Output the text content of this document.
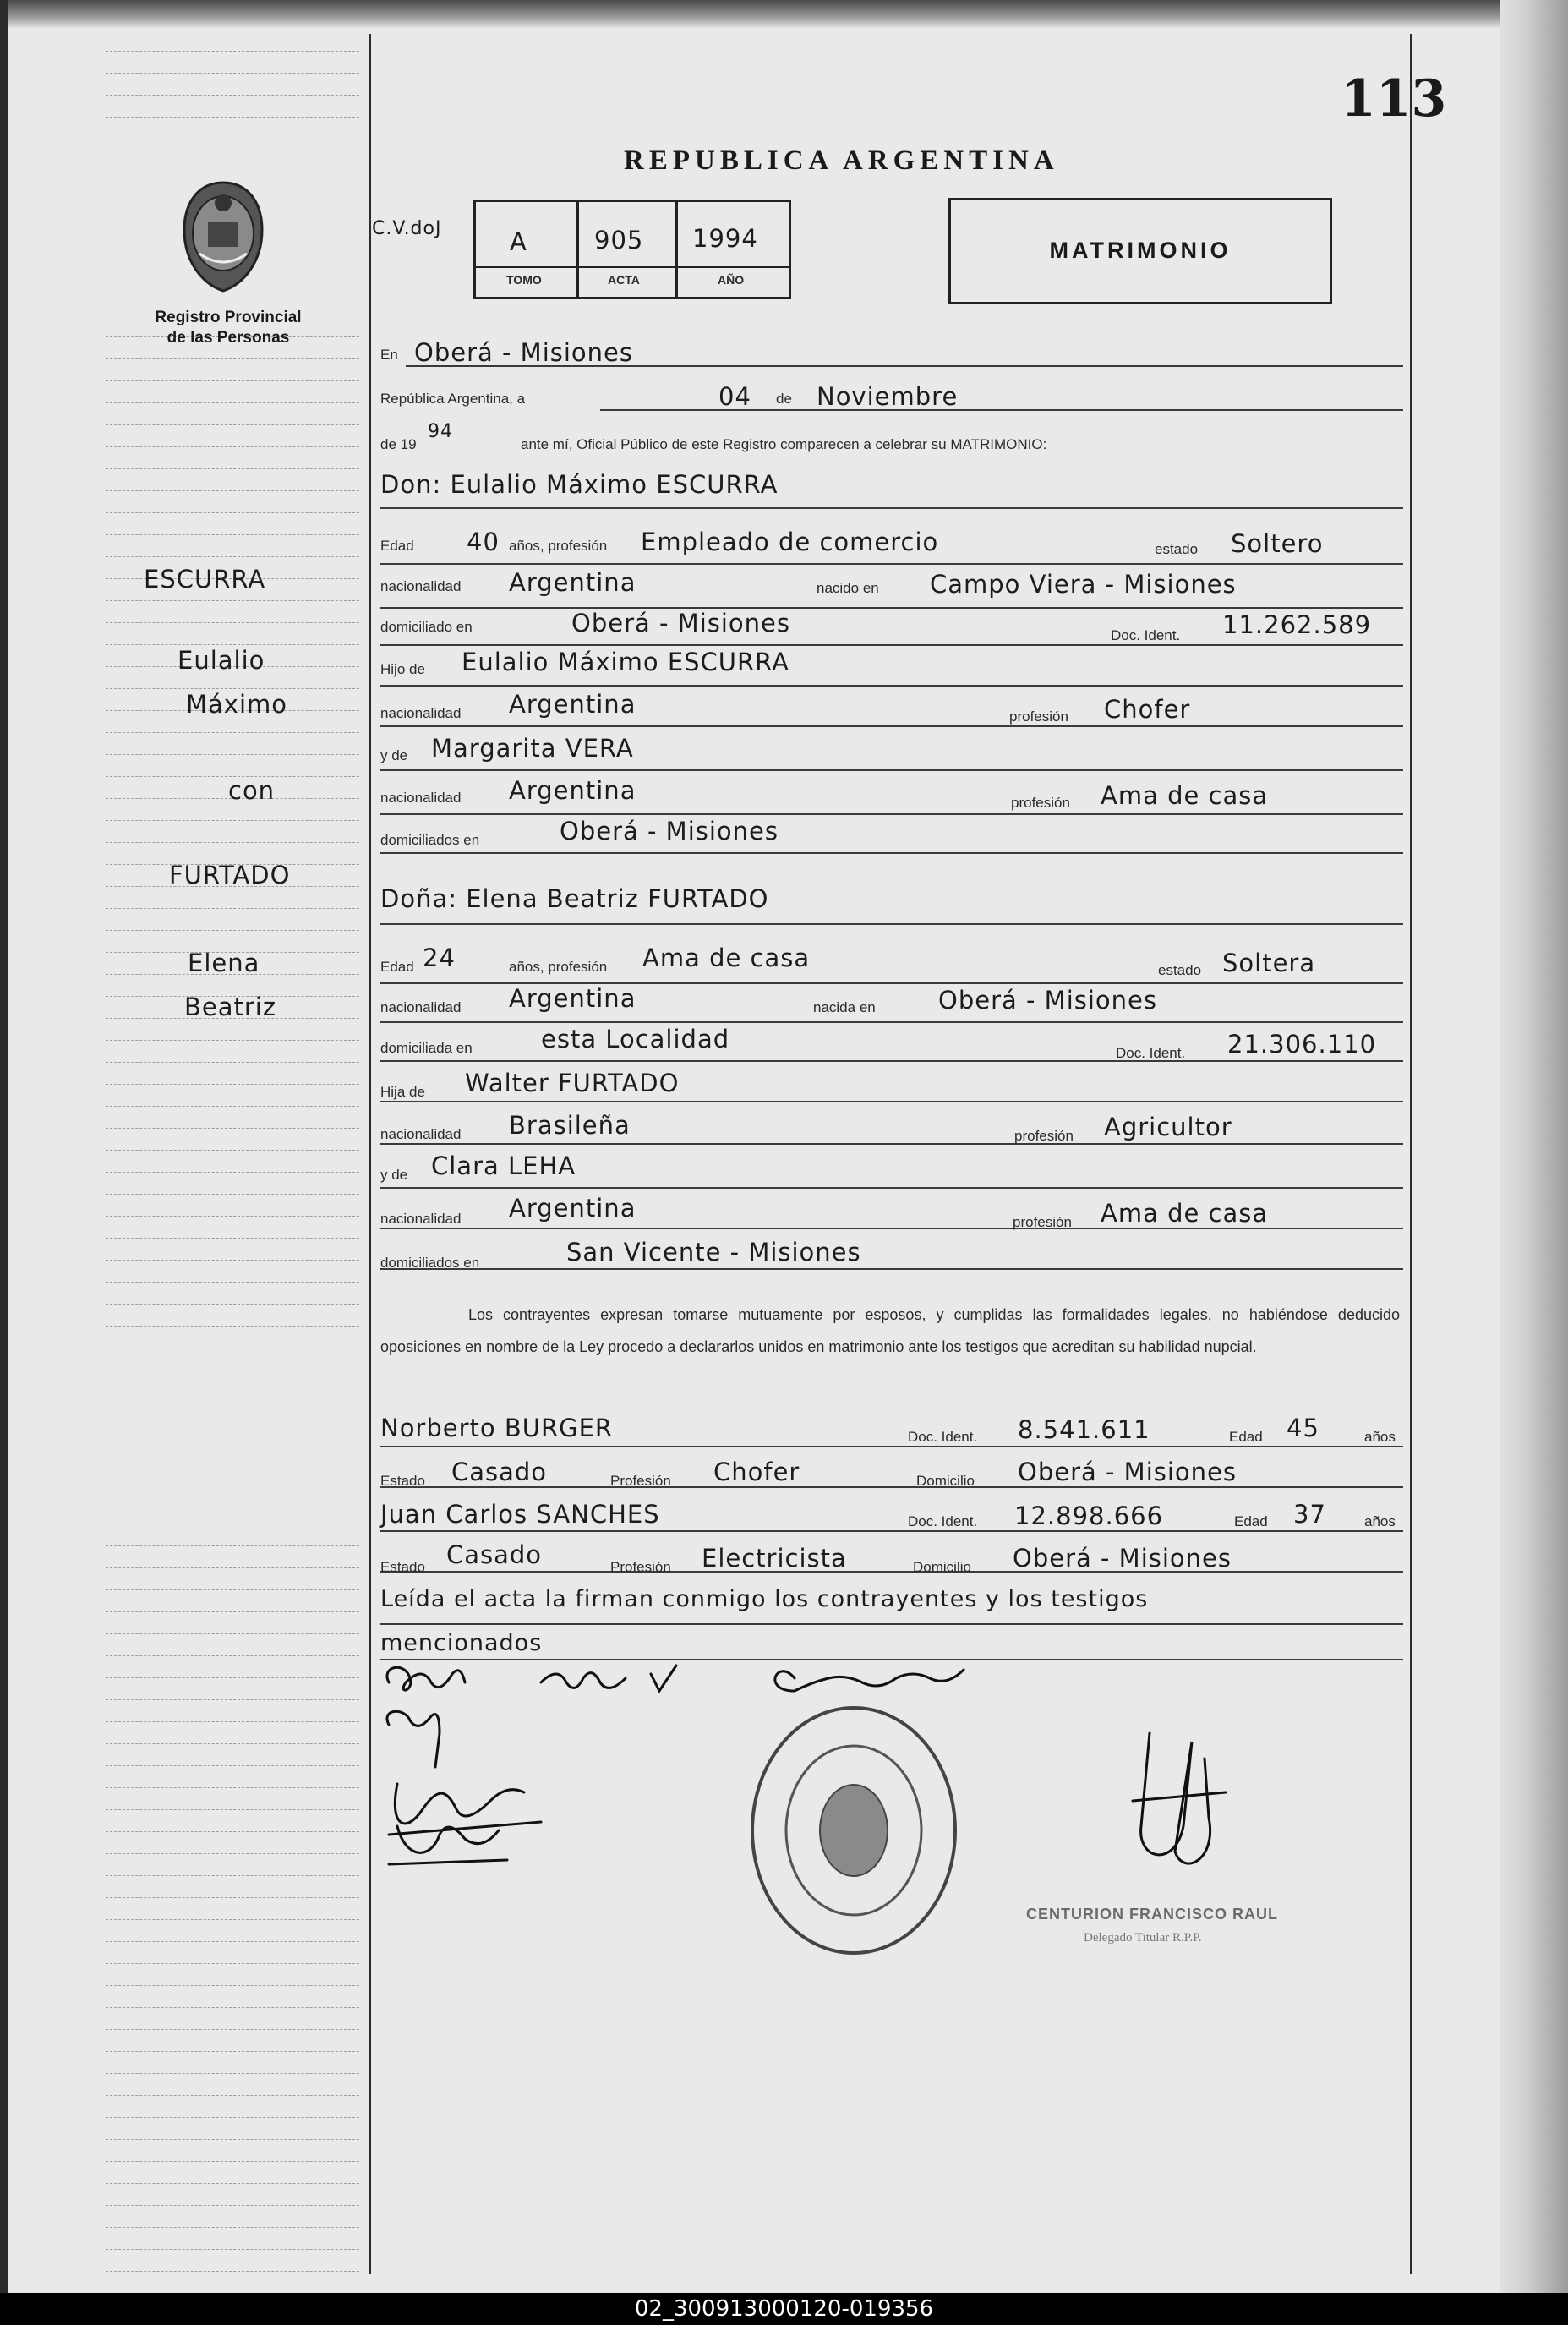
113
REPUBLICA ARGENTINA
Registro Provincial
de las Personas
C.V.doJ	A	905 1994
TOMO	ACTA	AÑO
MATRIMONIO
En Oberá - Misiones
República Argentina, a	04 de Noviembre
de 19
94
ante mí, Oficial Público de este Registro comparecen a celebrar su MATRIMONIO:
ESCURRA
Eulalio
Máximo
con
FURTADO
Elena
Beatriz
Don: Eulalio Máximo ESCURRA
Edad 40 años, profesión Empleado de comercio	estado Soltero
nacionalidad Argentina	nacido en Campo Viera - Misiones
domiciliado en	Oberá - Misiones	Doc. Ident. 11.262.589
Hijo de Eulalio Máximo ESCURRA
nacionalidad Argentina	profesión Chofer
y de Margarita VERA
nacionalidad Argentina	profesión Ama de casa
domiciliados en	Oberá - Misiones
Doña: Elena Beatriz FURTADO
Edad 24	años, profesión Ama de casa	estado Soltera
nacionalidad Argentina	nacida en	Oberá - Misiones
domiciliada en	esta Localidad	Doc. Ident. 21.306.110
Hija de Walter FURTADO
nacionalidad Brasileña	profesión Agricultor
y de Clara LEHA
nacionalidad Argentina	profesión Ama de casa
domiciliados en	San Vicente - Misiones
Los contrayentes expresan tomarse mutuamente por esposos, y cumplidas las formalidades legales, no habiéndose deducido oposiciones en nombre de la Ley procedo a declararlos unidos en matrimonio ante los testigos que acreditan su habilidad nupcial.
Norberto BURGER	Doc. Ident. 8.541.611	Edad 45	años
Estado Casado	Profesión Chofer	Domicilio Oberá - Misiones
Juan Carlos SANCHES	Doc. Ident. 12.898.666	Edad 37	años
Estado Casado	Profesión Electricista	Domicilio Oberá - Misiones
Leída el acta la firman conmigo los contrayentes y los testigos
mencionados
CENTURION FRANCISCO RAUL
Delegado Titular R.P.P.
02_300913000120-019356
